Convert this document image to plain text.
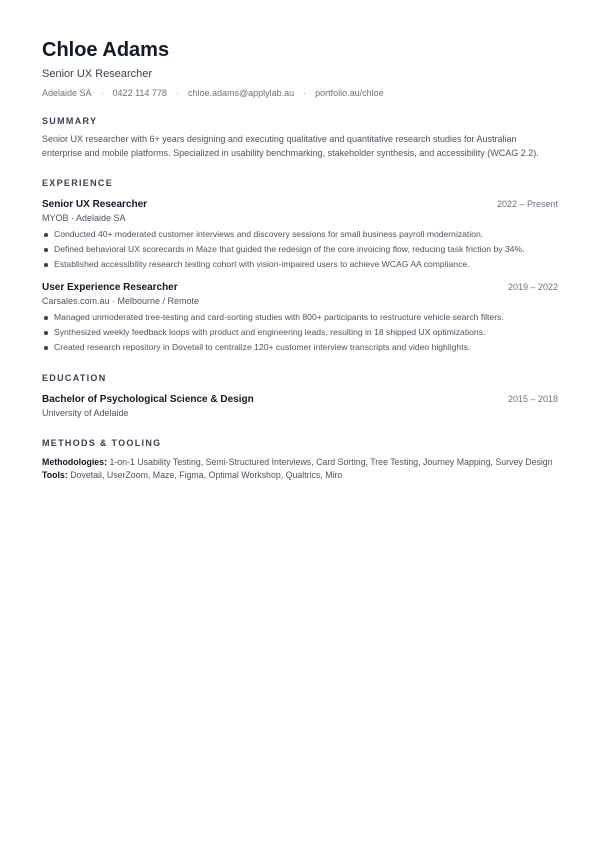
Chloe Adams
Senior UX Researcher
Adelaide SA · 0422 114 778 · chloe.adams@applylab.au · portfolio.au/chloe
SUMMARY
Senior UX researcher with 6+ years designing and executing qualitative and quantitative research studies for Australian enterprise and mobile platforms. Specialized in usability benchmarking, stakeholder synthesis, and accessibility (WCAG 2.2).
EXPERIENCE
Senior UX Researcher	2022 – Present
MYOB · Adelaide SA
Conducted 40+ moderated customer interviews and discovery sessions for small business payroll modernization.
Defined behavioral UX scorecards in Maze that guided the redesign of the core invoicing flow, reducing task friction by 34%.
Established accessibility research testing cohort with vision-impaired users to achieve WCAG AA compliance.
User Experience Researcher	2019 – 2022
Carsales.com.au · Melbourne / Remote
Managed unmoderated tree-testing and card-sorting studies with 800+ participants to restructure vehicle search filters.
Synthesized weekly feedback loops with product and engineering leads, resulting in 18 shipped UX optimizations.
Created research repository in Dovetail to centralize 120+ customer interview transcripts and video highlights.
EDUCATION
Bachelor of Psychological Science & Design	2015 – 2018
University of Adelaide
METHODS & TOOLING
Methodologies: 1-on-1 Usability Testing, Semi-Structured Interviews, Card Sorting, Tree Testing, Journey Mapping, Survey Design
Tools: Dovetail, UserZoom, Maze, Figma, Optimal Workshop, Qualtrics, Miro
